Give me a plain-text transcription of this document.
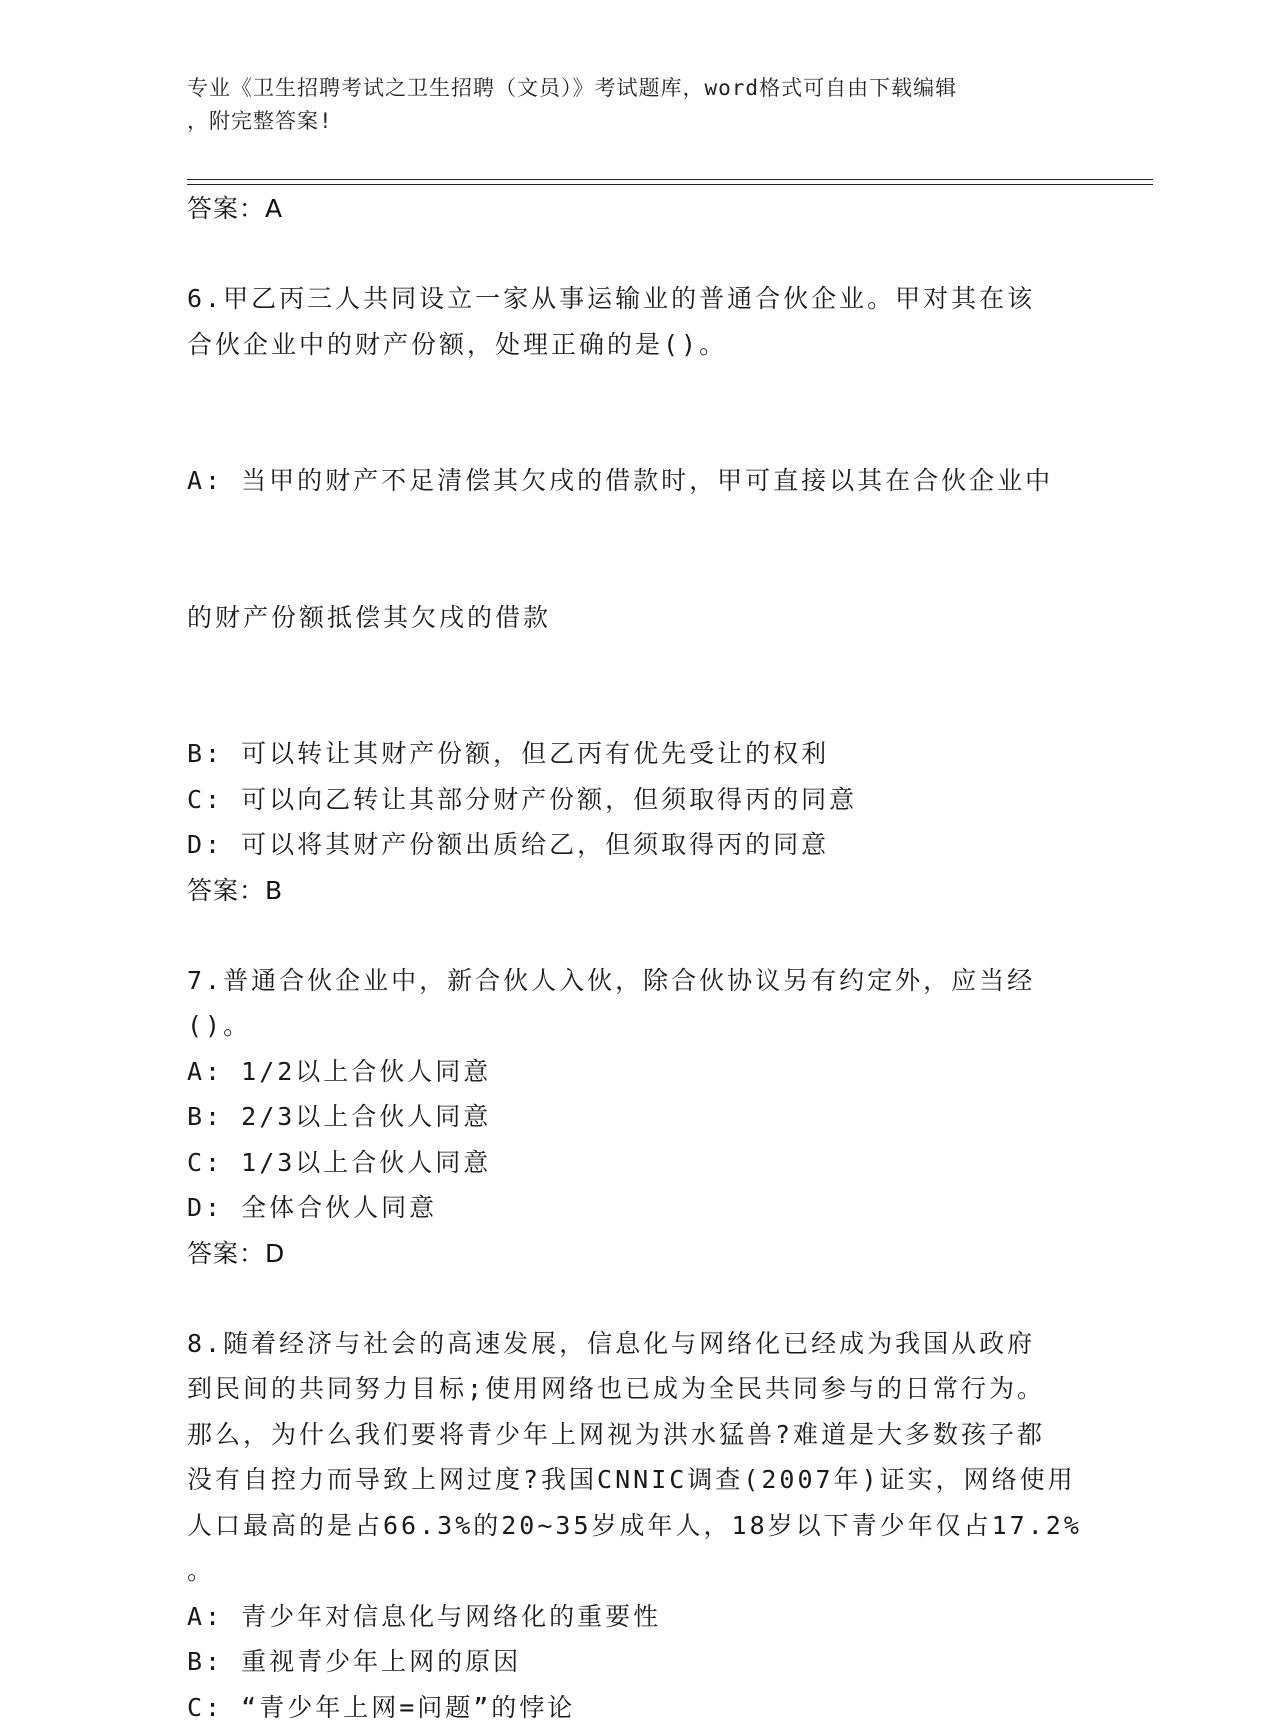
专业《卫生招聘考试之卫生招聘（文员）》考试题库，word格式可自由下载编辑
，附完整答案!
答案：A
6.甲乙丙三人共同设立一家从事运输业的普通合伙企业。甲对其在该
合伙企业中的财产份额，处理正确的是()。

A: 当甲的财产不足清偿其欠戌的借款时，甲可直接以其在合伙企业中

的财产份额抵偿其欠戌的借款

B: 可以转让其财产份额，但乙丙有优先受让的权利
C: 可以向乙转让其部分财产份额，但须取得丙的同意
D: 可以将其财产份额出质给乙，但须取得丙的同意
答案：B
7.普通合伙企业中，新合伙人入伙，除合伙协议另有约定外，应当经
()。
A: 1/2以上合伙人同意
B: 2/3以上合伙人同意
C: 1/3以上合伙人同意
D: 全体合伙人同意
答案：D
8.随着经济与社会的高速发展，信息化与网络化已经成为我国从政府
到民间的共同努力目标;使用网络也已成为全民共同参与的日常行为。
那么，为什么我们要将青少年上网视为洪水猛兽?难道是大多数孩子都
没有自控力而导致上网过度?我国CNNIC调查(2007年)证实，网络使用
人口最高的是占66.3%的20~35岁成年人，18岁以下青少年仅占17.2%
。
A: 青少年对信息化与网络化的重要性
B: 重视青少年上网的原因
C: “青少年上网=问题”的悖论
